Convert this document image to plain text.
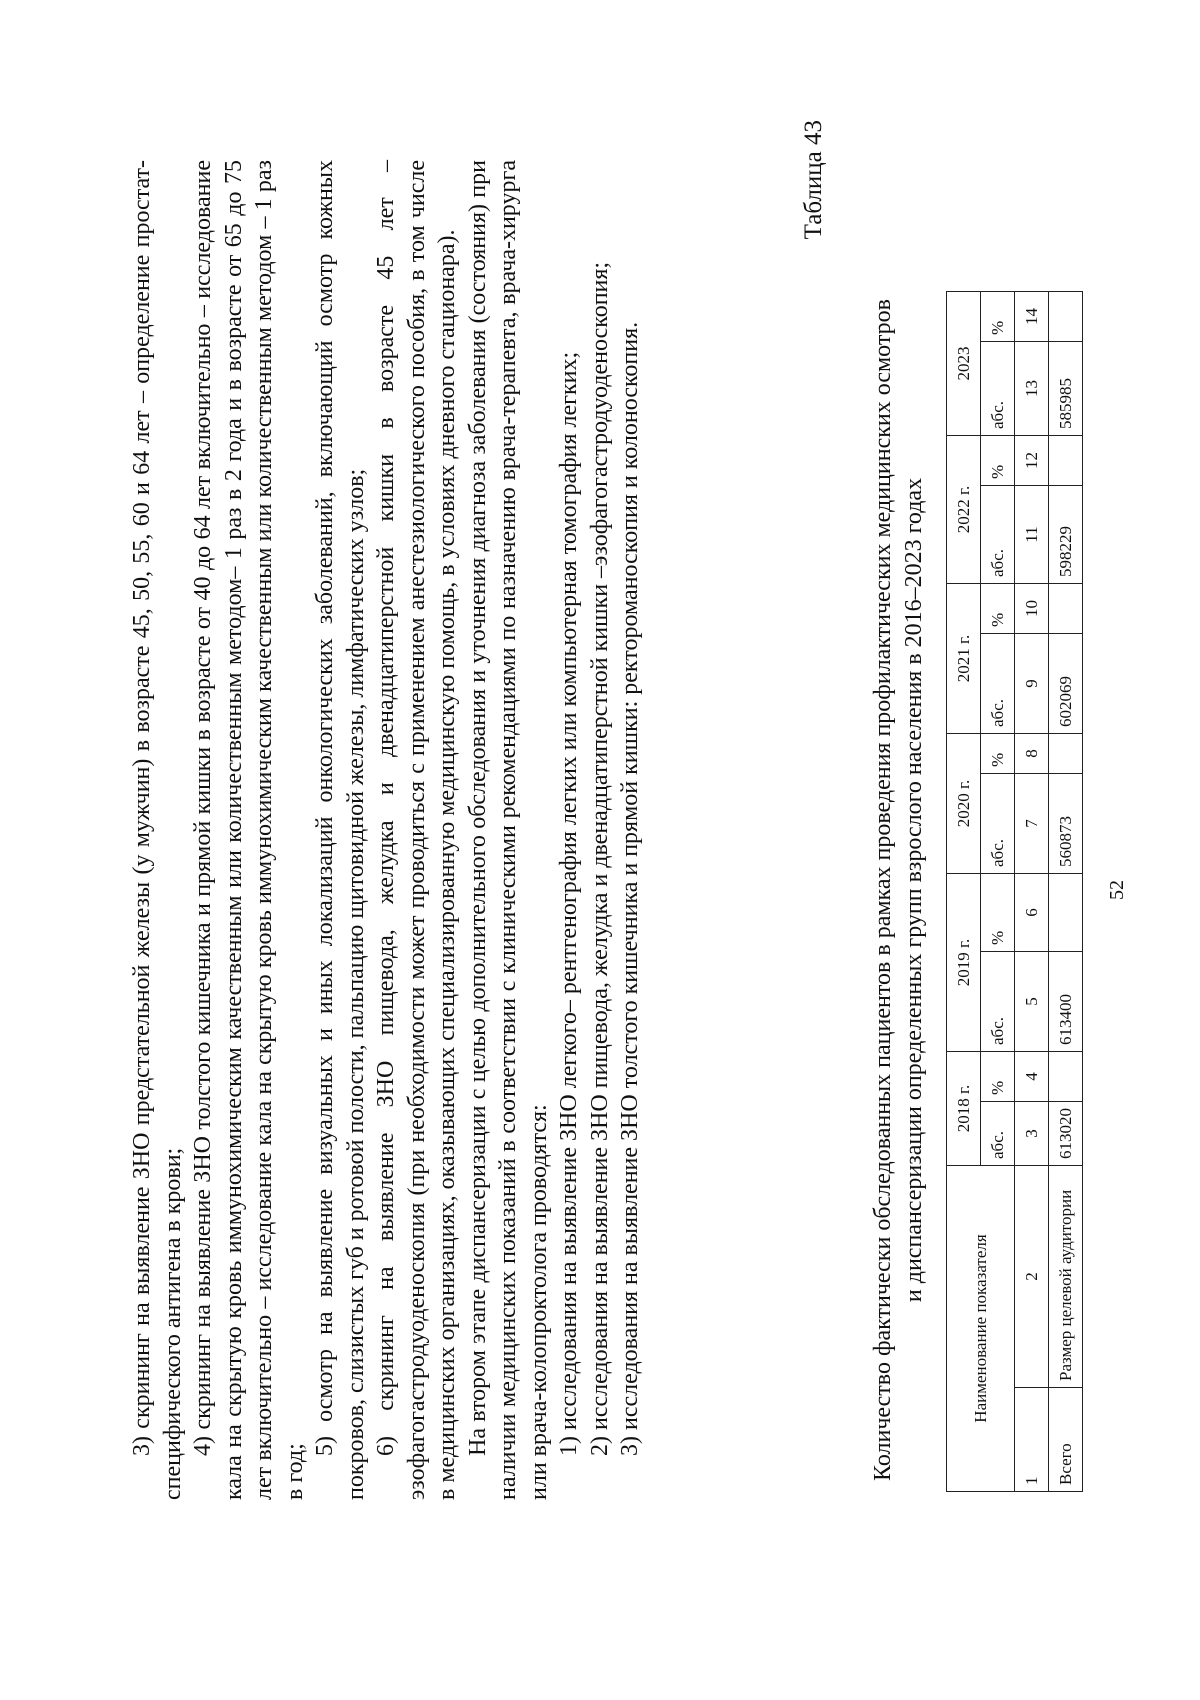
52

3) скрининг на выявление ЗНО предстательной железы (у мужчин) в возрасте 45, 50, 55, 60 и 64 лет – определение простат-специфического антигена в крови; 4) скрининг на выявление ЗНО толстого кишечника и прямой кишки в возрасте от 40 до 64 лет включительно – исследование кала на скрытую кровь иммунохимическим качественным или количественным методом– 1 раз в 2 года и в возрасте от 65 до 75 лет включительно – исследование кала на скрытую кровь иммунохимическим качественным или количественным методом – 1 раз в год;

5) осмотр на выявление визуальных и иных локализаций онкологических заболеваний, включающий осмотр кожных покровов, слизистых губ и ротовой полости, пальпацию щитовидной железы, лимфатических узлов; 6) скрининг на выявление ЗНО пищевода, желудка и двенадцатиперстной кишки в возрасте 45 лет – эзофагогастродуоденоскопия (при необходимости может проводиться с применением анестезиологического пособия, в том числе в медицинских организациях, оказывающих специализированную медицинскую помощь, в условиях дневного стационара). На втором этапе диспансеризации с целью дополнительного обследования и уточнения диагноза заболевания (состояния) при наличии медицинских показаний в соответствии с клиническими рекомендациями по назначению врача-терапевта, врача-хирурга или врача-колопроктолога проводятся: 1) исследования на выявление ЗНО легкого– рентгенография легких или компьютерная томография легких; 2) исследования на выявление ЗНО пищевода, желудка и двенадцатиперстной кишки –эзофагогастродуоденоскопия; 3) исследования на выявление ЗНО толстого кишечника и прямой кишки: ректороманоскопия и колоноскопия.

Таблица 43
Количество фактически обследованных пациентов в рамках проведения профилактических медицинских осмотров и диспансеризации определенных групп взрослого населения в 2016–2023 годах
Наименование показателя		2018 г.		2019 г.		2020 г.		2021 г.		2022 г.		2023	
		абс.	%	абс.	%	абс.	%	абс.	%	абс.	%	абс.	%
1	2	3	4	5	6	7	8	9	10	11	12	13	14
Всего	Размер целевой аудитории	613020		613400		560873		602069		598229		585985	
